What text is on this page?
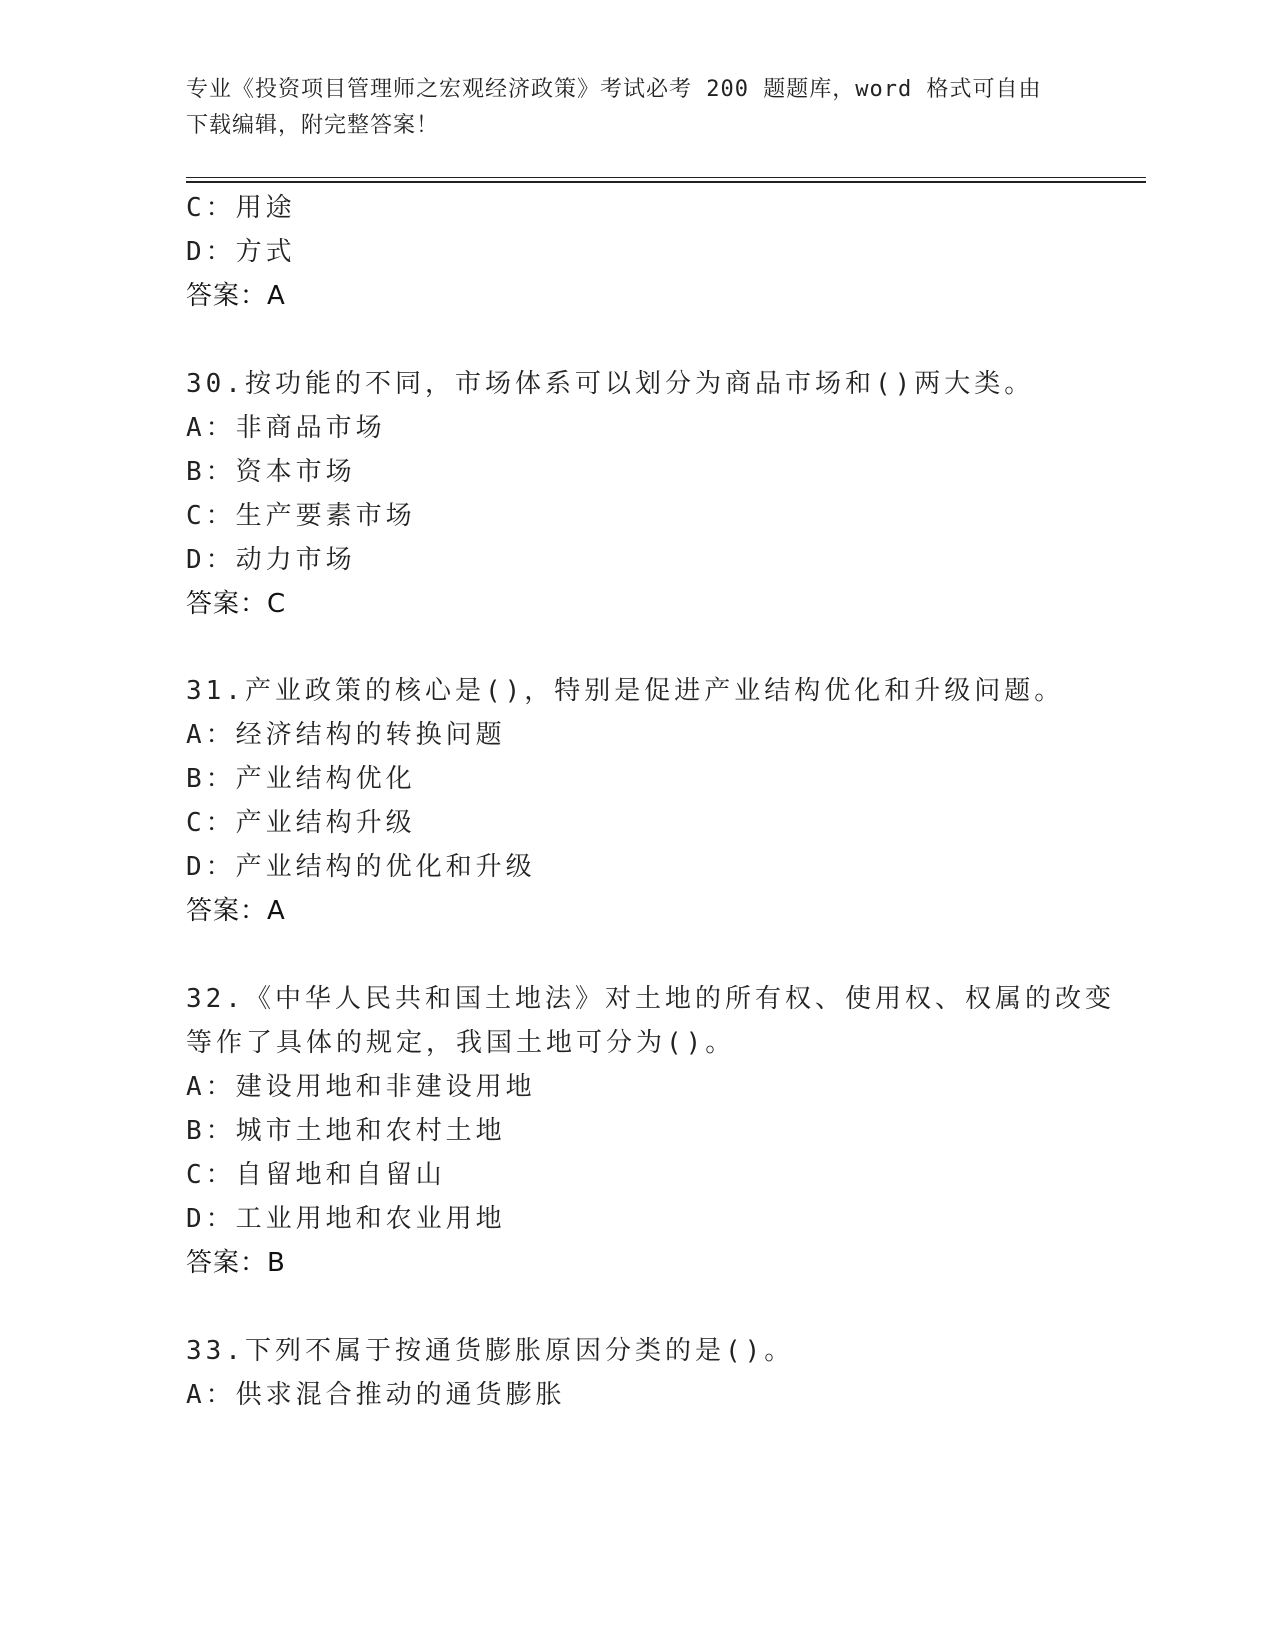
专业《投资项目管理师之宏观经济政策》考试必考 200 题题库，word 格式可自由
下载编辑，附完整答案！
C：用途
D：方式
答案：A
30.按功能的不同，市场体系可以划分为商品市场和()两大类。
A：非商品市场
B：资本市场
C：生产要素市场
D：动力市场
答案：C
31.产业政策的核心是()，特别是促进产业结构优化和升级问题。
A：经济结构的转换问题
B：产业结构优化
C：产业结构升级
D：产业结构的优化和升级
答案：A
32.《中华人民共和国土地法》对土地的所有权、使用权、权属的改变
等作了具体的规定，我国土地可分为()。
A：建设用地和非建设用地
B：城市土地和农村土地
C：自留地和自留山
D：工业用地和农业用地
答案：B
33.下列不属于按通货膨胀原因分类的是()。
A：供求混合推动的通货膨胀
